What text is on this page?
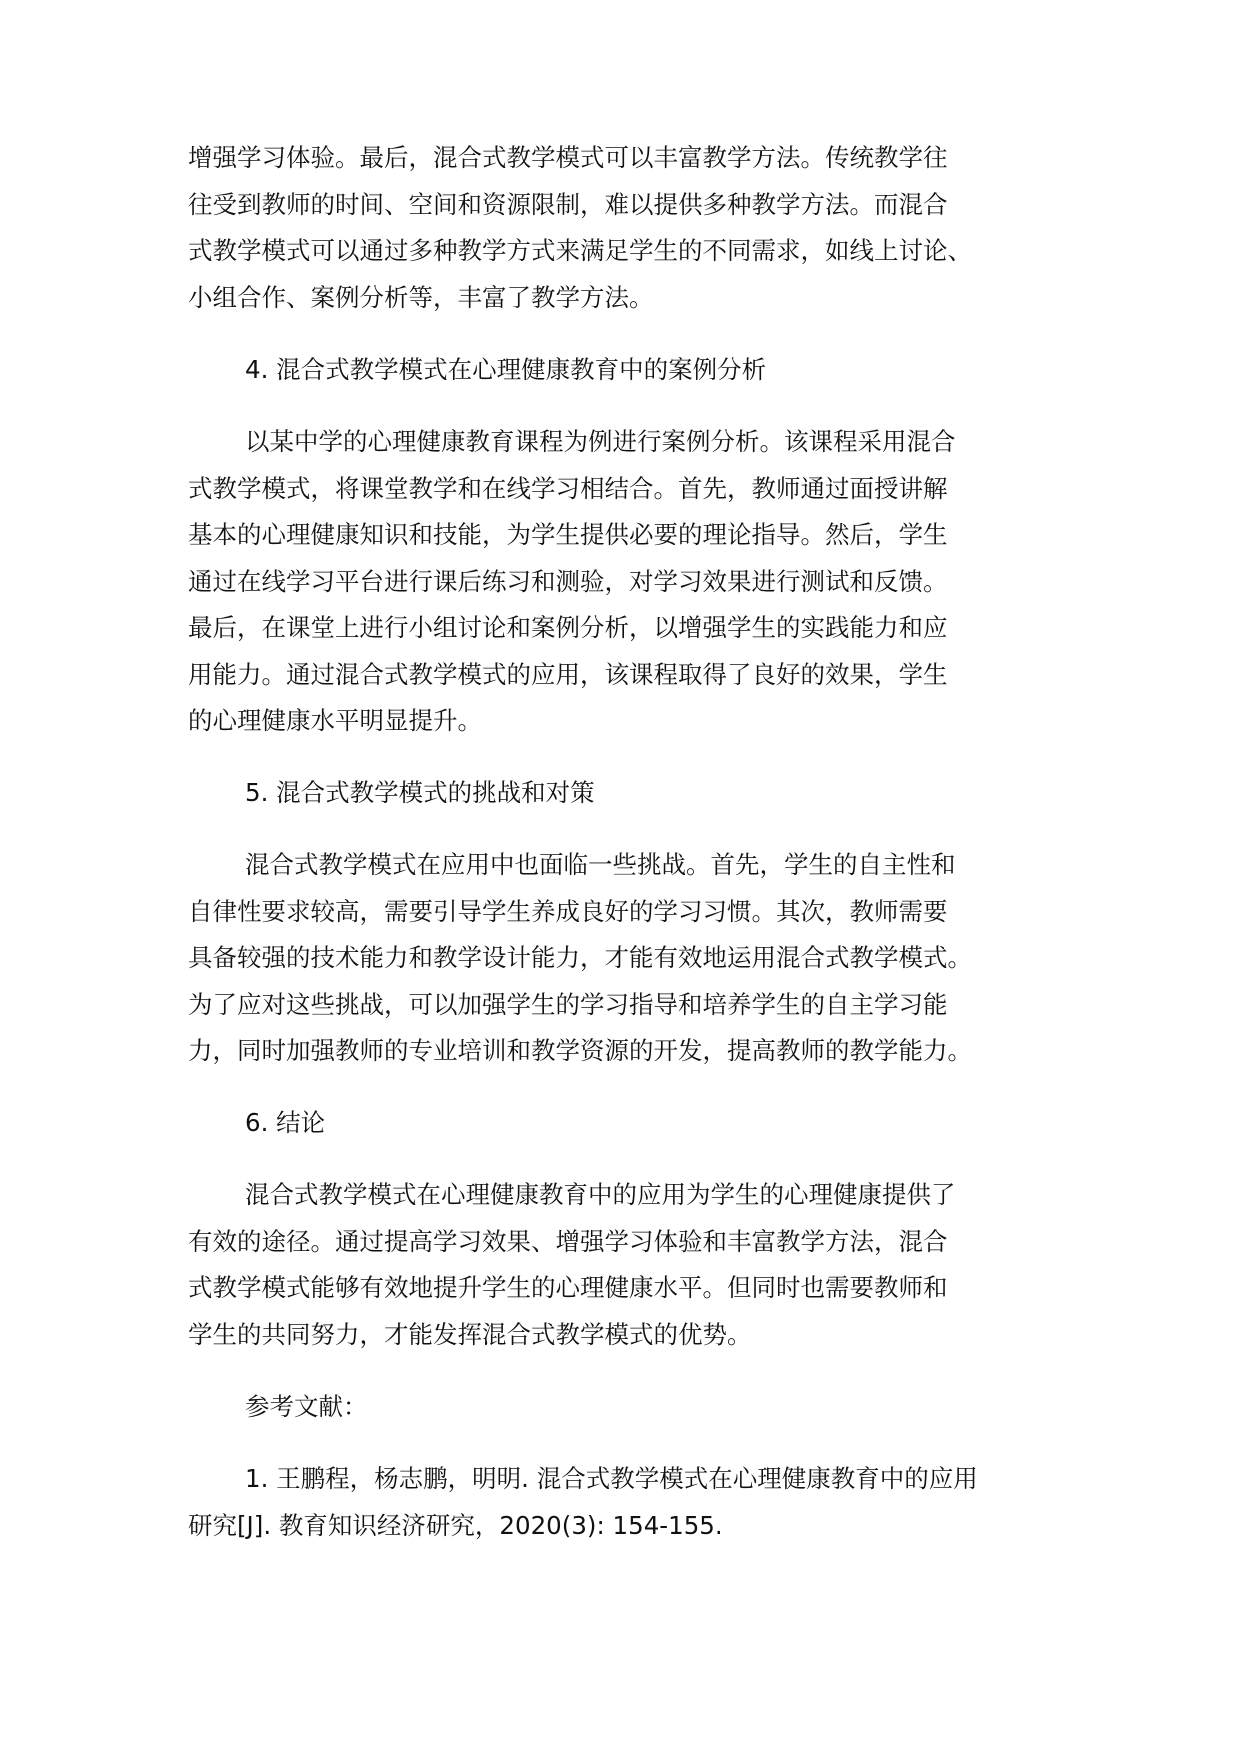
增强学习体验。最后，混合式教学模式可以丰富教学方法。传统教学往
往受到教师的时间、空间和资源限制，难以提供多种教学方法。而混合
式教学模式可以通过多种教学方式来满足学生的不同需求，如线上讨论、
小组合作、案例分析等，丰富了教学方法。
4. 混合式教学模式在心理健康教育中的案例分析
以某中学的心理健康教育课程为例进行案例分析。该课程采用混合
式教学模式，将课堂教学和在线学习相结合。首先，教师通过面授讲解
基本的心理健康知识和技能，为学生提供必要的理论指导。然后，学生
通过在线学习平台进行课后练习和测验，对学习效果进行测试和反馈。
最后，在课堂上进行小组讨论和案例分析，以增强学生的实践能力和应
用能力。通过混合式教学模式的应用，该课程取得了良好的效果，学生
的心理健康水平明显提升。
5. 混合式教学模式的挑战和对策
混合式教学模式在应用中也面临一些挑战。首先，学生的自主性和
自律性要求较高，需要引导学生养成良好的学习习惯。其次，教师需要
具备较强的技术能力和教学设计能力，才能有效地运用混合式教学模式。
为了应对这些挑战，可以加强学生的学习指导和培养学生的自主学习能
力，同时加强教师的专业培训和教学资源的开发，提高教师的教学能力。
6. 结论
混合式教学模式在心理健康教育中的应用为学生的心理健康提供了
有效的途径。通过提高学习效果、增强学习体验和丰富教学方法，混合
式教学模式能够有效地提升学生的心理健康水平。但同时也需要教师和
学生的共同努力，才能发挥混合式教学模式的优势。
参考文献：
1. 王鹏程，杨志鹏，明明. 混合式教学模式在心理健康教育中的应用
研究[J]. 教育知识经济研究，2020(3): 154-155.
